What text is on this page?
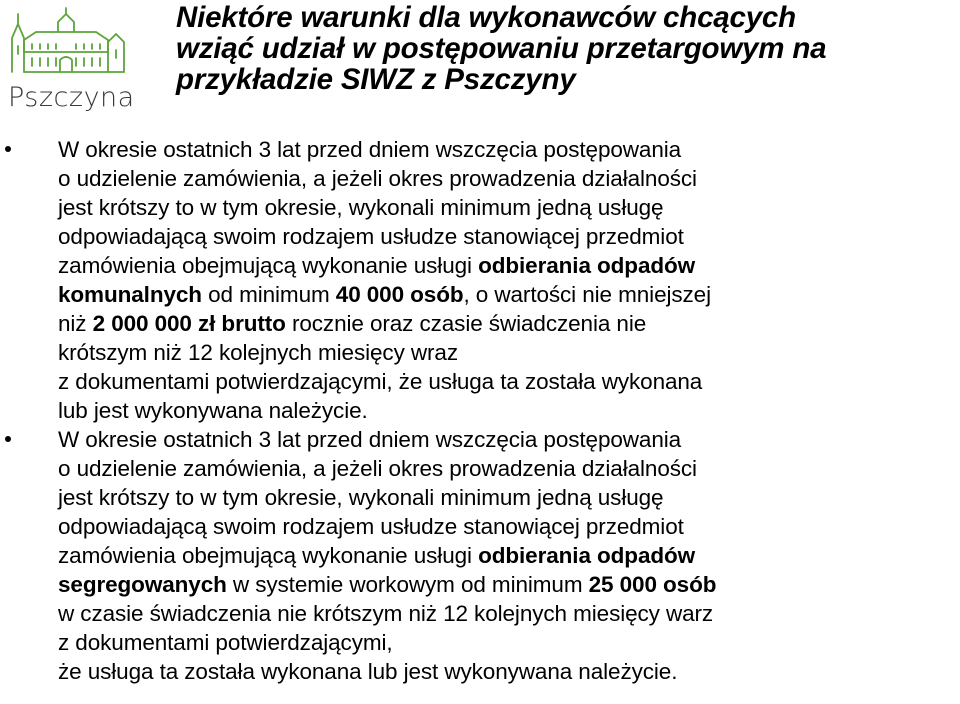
Pszczyna
Niektóre warunki dla wykonawców chcących
wziąć udział w postępowaniu przetargowym na
przykładzie SIWZ z Pszczyny
W okresie ostatnich 3 lat przed dniem wszczęcia postępowania
o udzielenie zamówienia, a jeżeli okres prowadzenia działalności
jest krótszy to w tym okresie, wykonali minimum jedną usługę
odpowiadającą swoim rodzajem usłudze stanowiącej przedmiot
zamówienia obejmującą wykonanie usługi odbierania odpadów
komunalnych od minimum 40 000 osób, o wartości nie mniejszej
niż 2 000 000 zł brutto rocznie oraz czasie świadczenia nie
krótszym niż 12 kolejnych miesięcy wraz
z dokumentami potwierdzającymi, że usługa ta została wykonana
lub jest wykonywana należycie.
W okresie ostatnich 3 lat przed dniem wszczęcia postępowania
o udzielenie zamówienia, a jeżeli okres prowadzenia działalności
jest krótszy to w tym okresie, wykonali minimum jedną usługę
odpowiadającą swoim rodzajem usłudze stanowiącej przedmiot
zamówienia obejmującą wykonanie usługi odbierania odpadów
segregowanych w systemie workowym od minimum 25 000 osób
w czasie świadczenia nie krótszym niż 12 kolejnych miesięcy warz
z dokumentami potwierdzającymi,
że usługa ta została wykonana lub jest wykonywana należycie.
